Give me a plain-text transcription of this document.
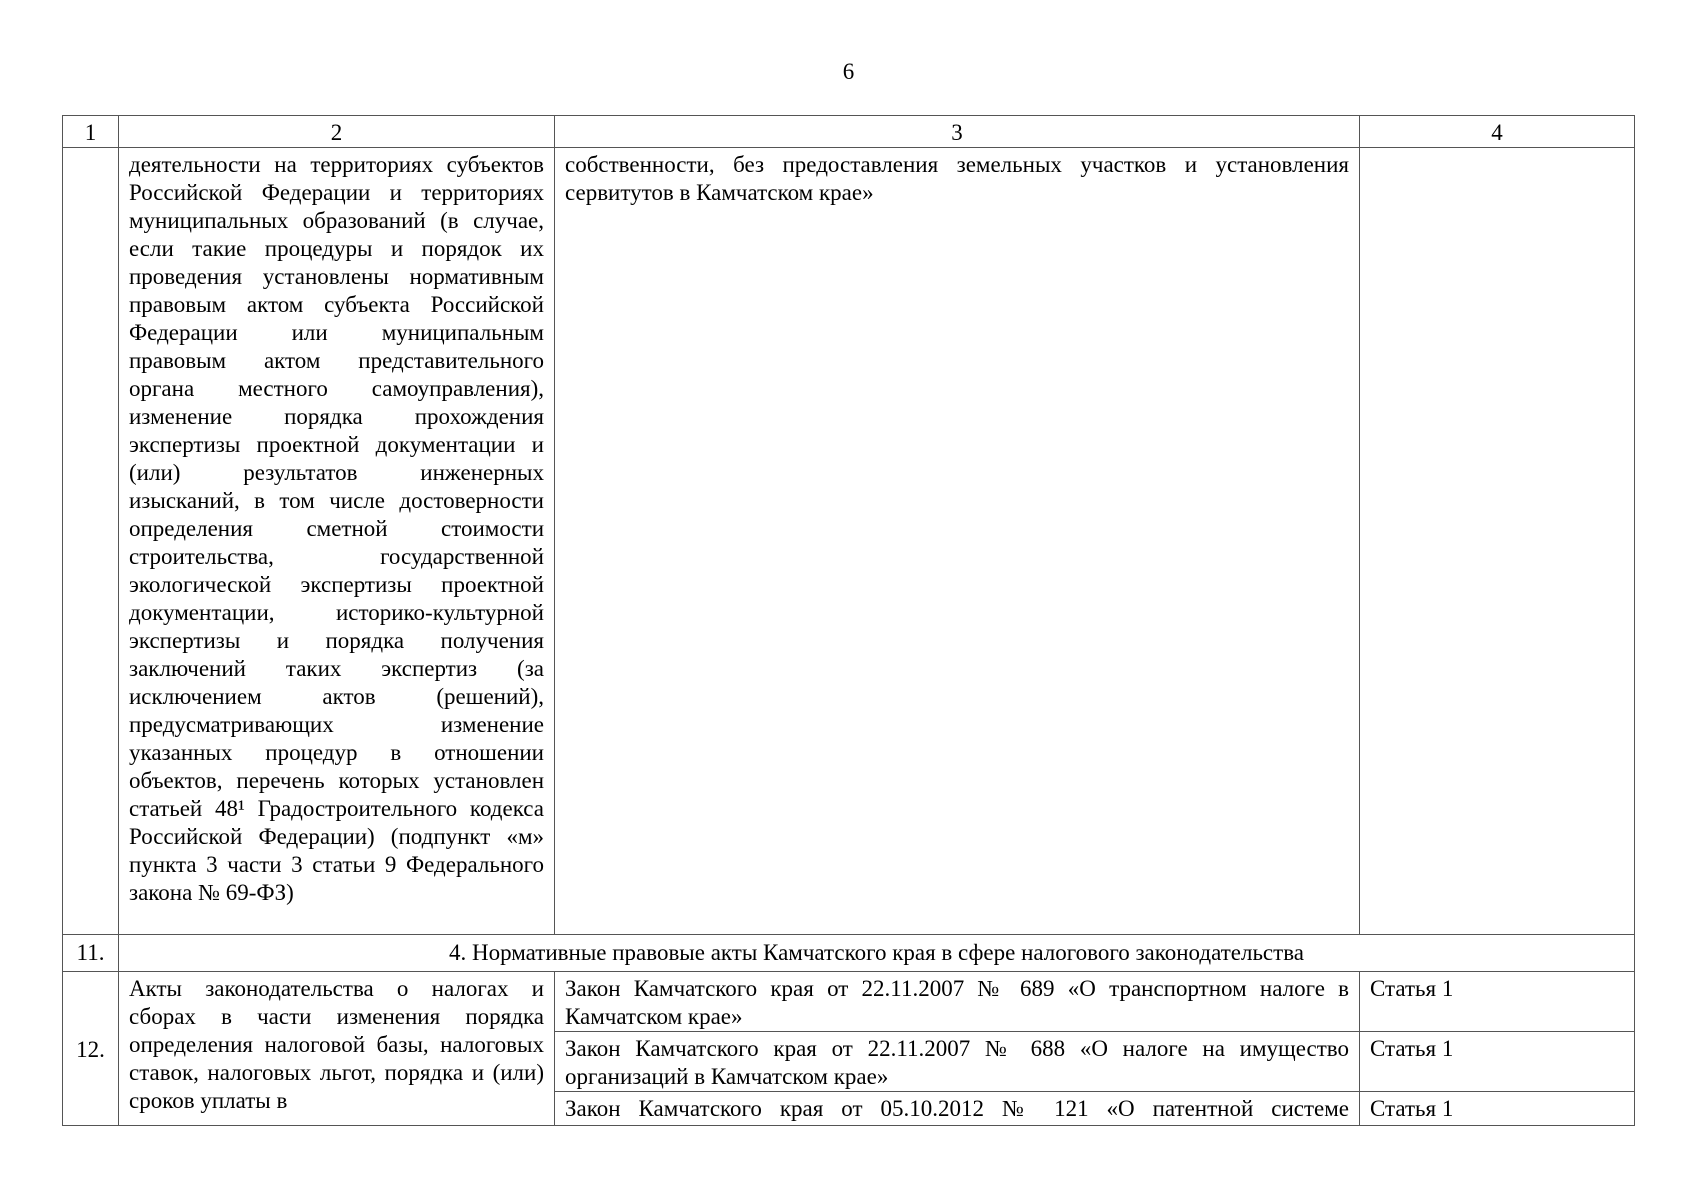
6
1	2	3	4
	деятельности на территориях субъектов Российской Федерации и территориях муниципальных образований (в случае, если такие процедуры и порядок их проведения установлены нормативным правовым актом субъекта Российской Федерации или муниципальным правовым актом представительного органа местного самоуправления), изменение порядка прохождения экспертизы проектной документации и (или) результатов инженерных изысканий, в том числе достоверности определения сметной стоимости строительства, государственной экологической экспертизы проектной документации, историко-культурной экспертизы и порядка получения заключений таких экспертиз (за исключением актов (решений), предусматривающих изменение указанных процедур в отношении объектов, перечень которых установлен статьей 48¹ Градостроительного кодекса Российской Федерации) (подпункт «м» пункта 3 части 3 статьи 9 Федерального закона № 69-ФЗ)	собственности, без предоставления земельных участков и установления сервитутов в Камчатском крае»	
11.	4. Нормативные правовые акты Камчатского края в сфере налогового законодательства		
12.	Акты законодательства о налогах и сборах в части изменения порядка определения налоговой базы, налоговых ставок, налоговых льгот, порядка и (или) сроков уплаты в	Закон Камчатского края от 22.11.2007 № 689 «О транспортном налоге в Камчатском крае»	Статья 1
		Закон Камчатского края от 22.11.2007 № 688 «О налоге на имущество организаций в Камчатском крае»	Статья 1

		Закон Камчатского края от 05.10.2012 № 121 «О патентной системе	Статья 1
